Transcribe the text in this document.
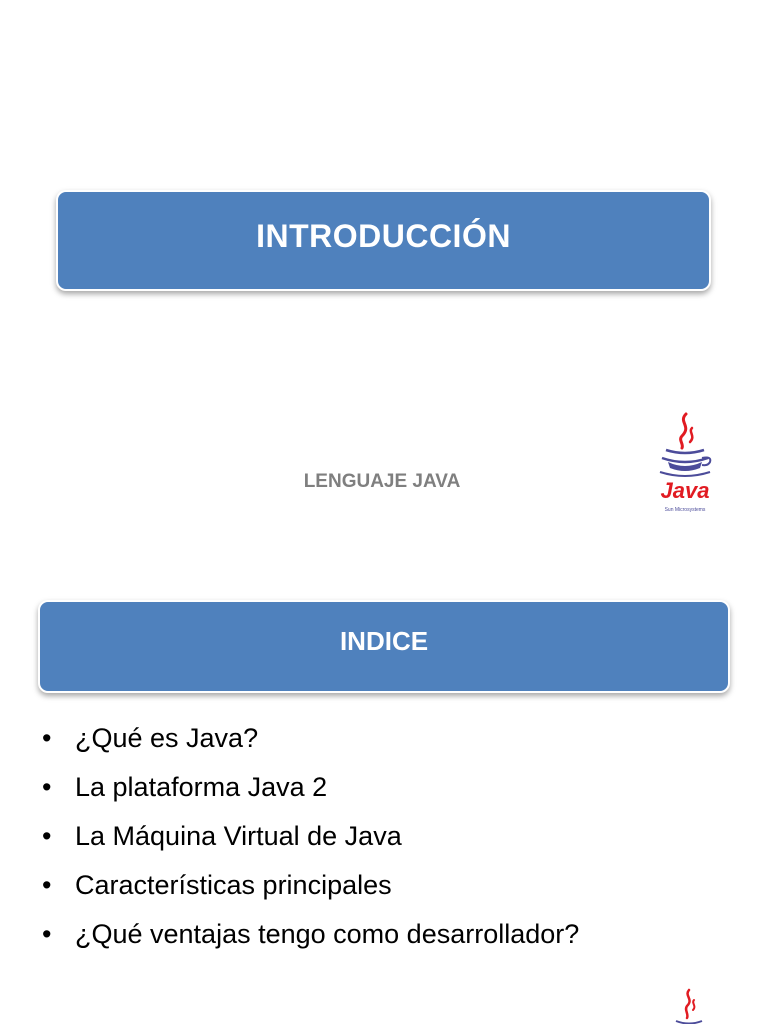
INTRODUCCIÓN
LENGUAJE JAVA	Java
Sun Microsystems
INDICE
• ¿Qué es Java?
• La plataforma Java 2
• La Máquina Virtual de Java
• Características principales
• ¿Qué ventajas tengo como desarrollador?
